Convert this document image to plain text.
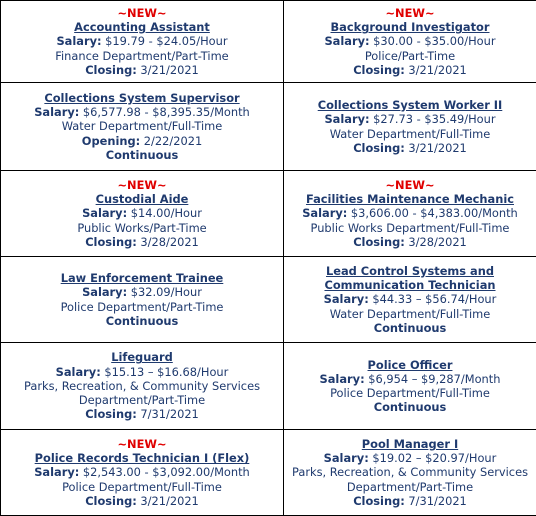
~NEW~
Accounting Assistant
Salary: $19.79 - $24.05/Hour
Finance Department/Part-Time
Closing: 3/21/2021	~NEW~
Background Investigator
Salary: $30.00 - $35.00/Hour
Police/Part-Time
Closing: 3/21/2021

Collections System Supervisor
Salary: $6,577.98 - $8,395.35/Month
Water Department/Full-Time
Opening: 2/22/2021
Continuous	Collections System Worker II
Salary: $27.73 - $35.49/Hour
Water Department/Full-Time
Closing: 3/21/2021

~NEW~
Custodial Aide
Salary: $14.00/Hour
Public Works/Part-Time
Closing: 3/28/2021	~NEW~
Facilities Maintenance Mechanic
Salary: $3,606.00 - $4,383.00/Month
Public Works Department/Full-Time
Closing: 3/28/2021

Law Enforcement Trainee
Salary: $32.09/Hour
Police Department/Part-Time
Continuous	Lead Control Systems and Communication Technician
Salary: $44.33 – $56.74/Hour
Water Department/Full-Time
Continuous

Lifeguard
Salary: $15.13 – $16.68/Hour
Parks, Recreation, & Community Services Department/Part-Time
Closing: 7/31/2021	Police Officer
Salary: $6,954 – $9,287/Month
Police Department/Full-Time
Continuous

~NEW~
Police Records Technician I (Flex)
Salary: $2,543.00 - $3,092.00/Month
Police Department/Full-Time
Closing: 3/21/2021	Pool Manager I
Salary: $19.02 – $20.97/Hour
Parks, Recreation, & Community Services Department/Part-Time
Closing: 7/31/2021
